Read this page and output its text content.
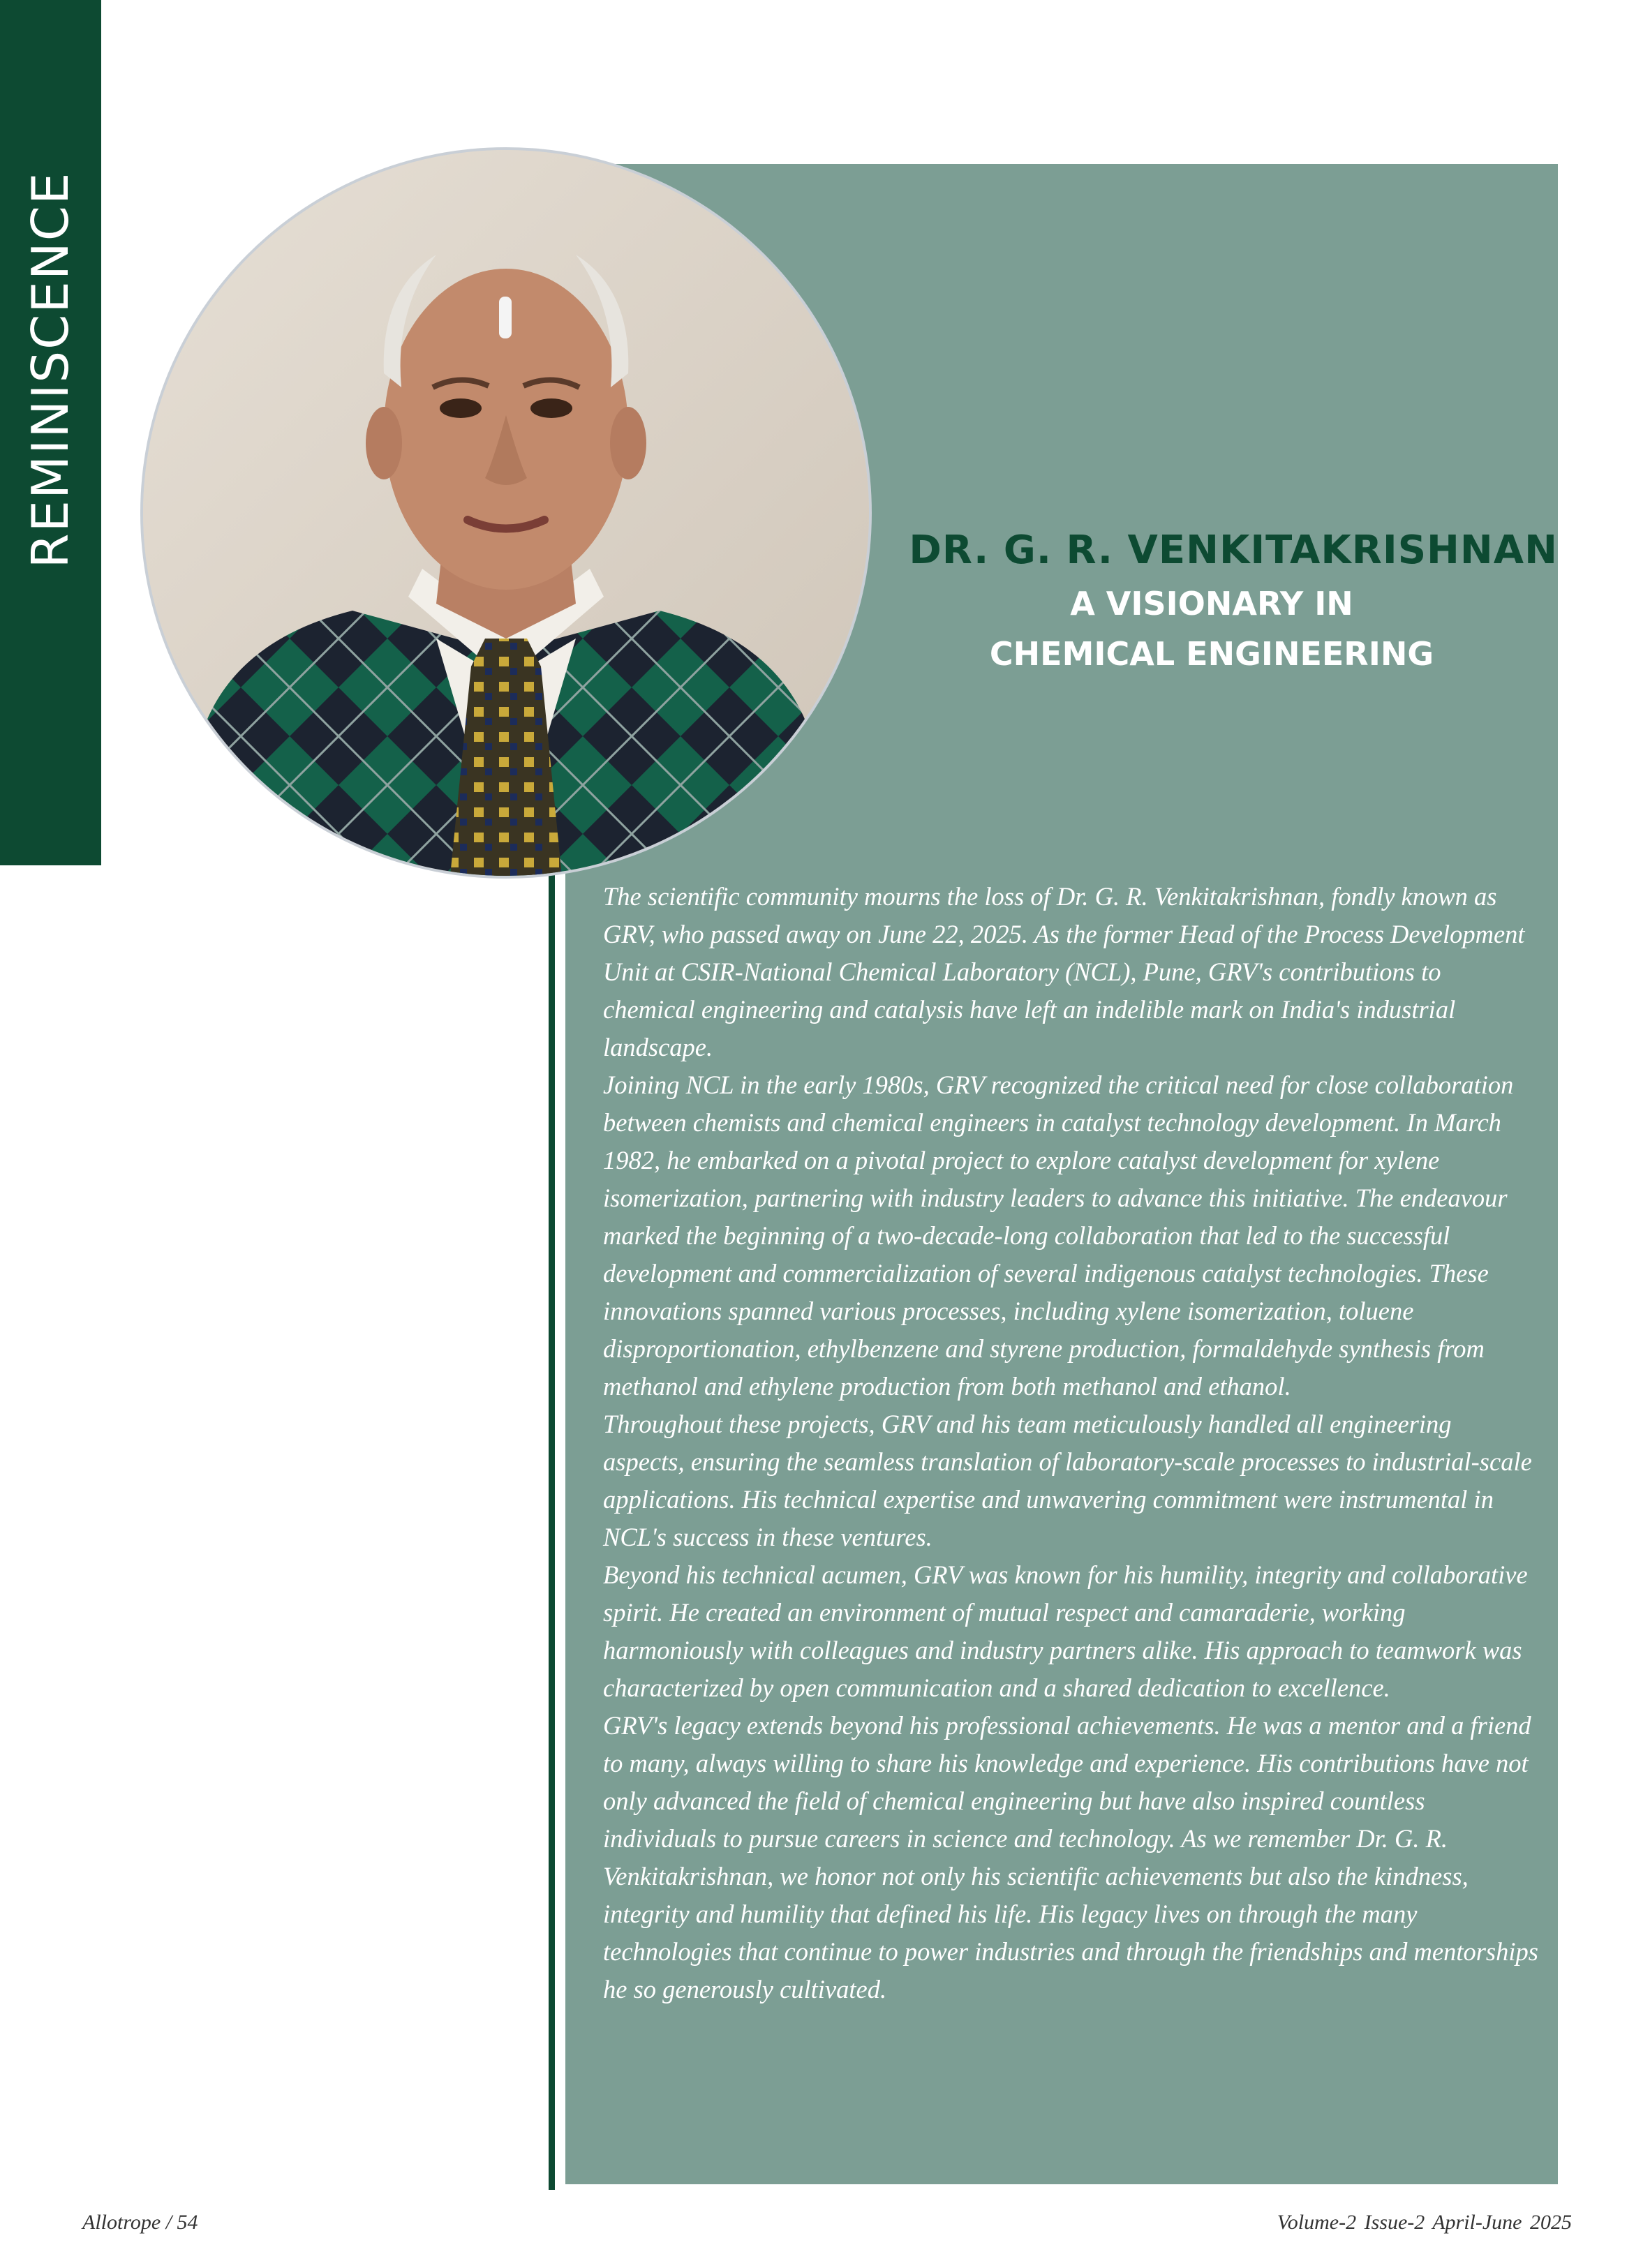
REMINISCENCE	DR. G. R. VENKITAKRISHNAN
A VISIONARY IN
CHEMICAL ENGINEERING

The scientific community mourns the loss of Dr. G. R. Venkitakrishnan, fondly known as GRV, who passed away on June 22, 2025. As the former Head of the Process Development Unit at CSIR-National Chemical Laboratory (NCL), Pune, GRV's contributions to chemical engineering and catalysis have left an indelible mark on India's industrial landscape.

Joining NCL in the early 1980s, GRV recognized the critical need for close collaboration between chemists and chemical engineers in catalyst technology development. In March 1982, he embarked on a pivotal project to explore catalyst development for xylene isomerization, partnering with industry leaders to advance this initiative. The endeavour marked the beginning of a two-decade-long collaboration that led to the successful development and commercialization of several indigenous catalyst technologies. These innovations spanned various processes, including xylene isomerization, toluene disproportionation, ethylbenzene and styrene production, formaldehyde synthesis from methanol and ethylene production from both methanol and ethanol.

Throughout these projects, GRV and his team meticulously handled all engineering aspects, ensuring the seamless translation of laboratory-scale processes to industrial-scale applications. His technical expertise and unwavering commitment were instrumental in NCL's success in these ventures.

Beyond his technical acumen, GRV was known for his humility, integrity and collaborative spirit. He created an environment of mutual respect and camaraderie, working harmoniously with colleagues and industry partners alike. His approach to teamwork was characterized by open communication and a shared dedication to excellence.

GRV's legacy extends beyond his professional achievements. He was a mentor and a friend to many, always willing to share his knowledge and experience. His contributions have not only advanced the field of chemical engineering but have also inspired countless individuals to pursue careers in science and technology. As we remember Dr. G. R. Venkitakrishnan, we honor not only his scientific achievements but also the kindness, integrity and humility that defined his life. His legacy lives on through the many technologies that continue to power industries and through the friendships and mentorships he so generously cultivated.

Allotrope / 54	Volume-2 Issue-2 April-June 2025
